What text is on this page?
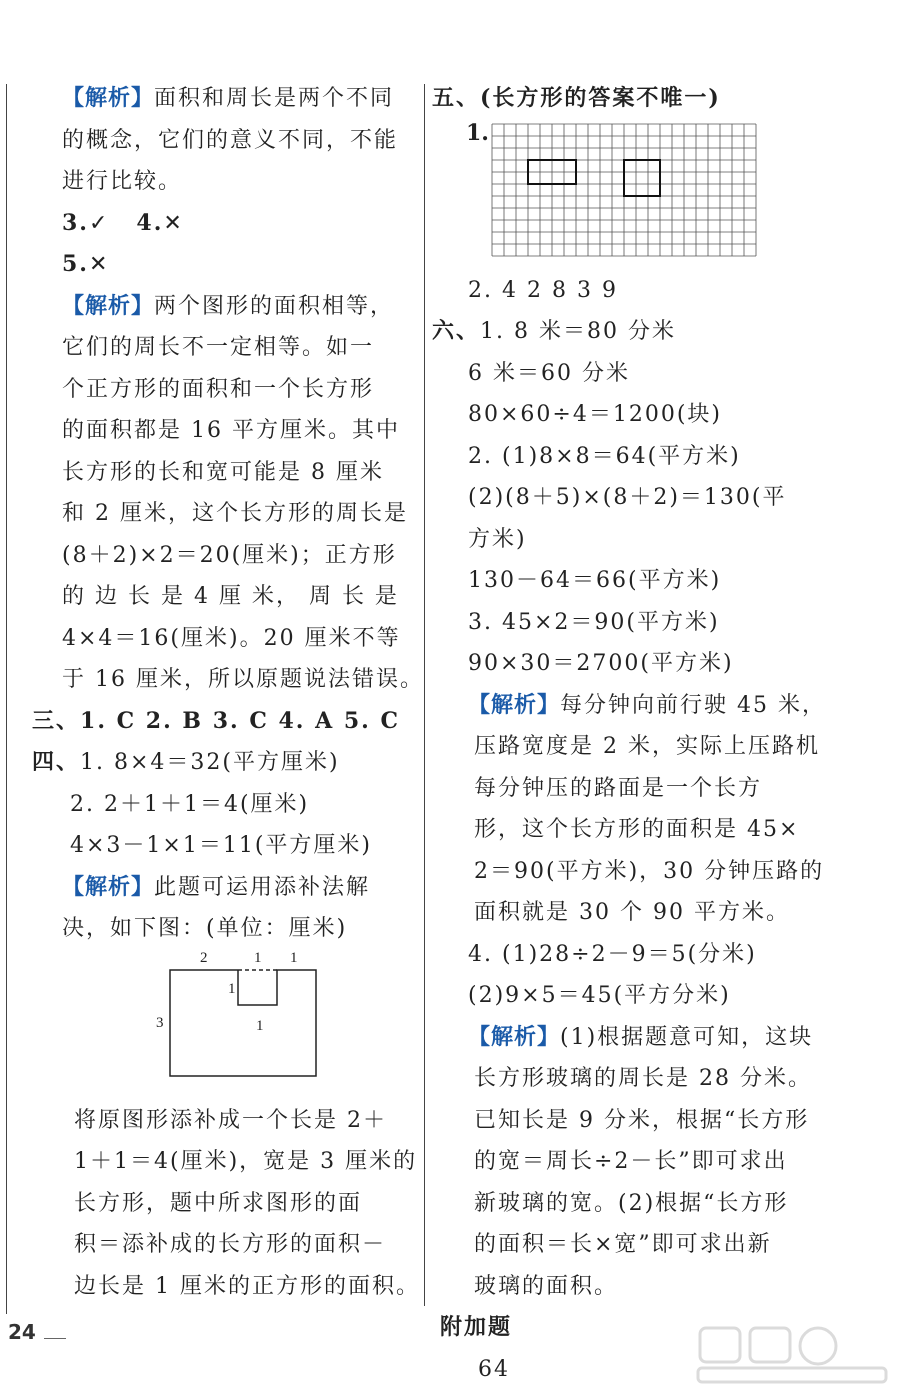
【解析】面积和周长是两个不同
的概念，它们的意义不同，不能
进行比较。
3.✓ 4.✕
5.✕
【解析】两个图形的面积相等，
它们的周长不一定相等。如一
个正方形的面积和一个长方形
的面积都是 16 平方厘米。其中
长方形的长和宽可能是 8 厘米
和 2 厘米，这个长方形的周长是
(8＋2)×2＝20(厘米)；正方形
的 边 长 是 4 厘 米， 周 长 是
4×4＝16(厘米)。20 厘米不等
于 16 厘米，所以原题说法错误。
三、1. C 2. B 3. C 4. A 5. C
四、1. 8×4＝32(平方厘米)
2. 2＋1＋1＝4(厘米)
4×3－1×1＝11(平方厘米)
【解析】此题可运用添补法解
决，如下图：(单位：厘米)
2	1 1
1
1
3
将原图形添补成一个长是 2＋
1＋1＝4(厘米)，宽是 3 厘米的
长方形，题中所求图形的面
积＝添补成的长方形的面积－
边长是 1 厘米的正方形的面积。
五、(长方形的答案不唯一)
1.
2. 4 2 8 3 9
六、1. 8 米＝80 分米
6 米＝60 分米
80×60÷4＝1200(块)
2. (1)8×8＝64(平方米)
(2)(8＋5)×(8＋2)＝130(平
方米)
130－64＝66(平方米)
3. 45×2＝90(平方米)
90×30＝2700(平方米)
【解析】每分钟向前行驶 45 米，
压路宽度是 2 米，实际上压路机
每分钟压的路面是一个长方
形，这个长方形的面积是 45×
2＝90(平方米)，30 分钟压路的
面积就是 30 个 90 平方米。
4. (1)28÷2－9＝5(分米)
(2)9×5＝45(平方分米)
【解析】(1)根据题意可知，这块
长方形玻璃的周长是 28 分米。
已知长是 9 分米，根据“长方形
的宽＝周长÷2－长”即可求出
新玻璃的宽。(2)根据“长方形
的面积＝长×宽”即可求出新
玻璃的面积。
附加题
64
24
